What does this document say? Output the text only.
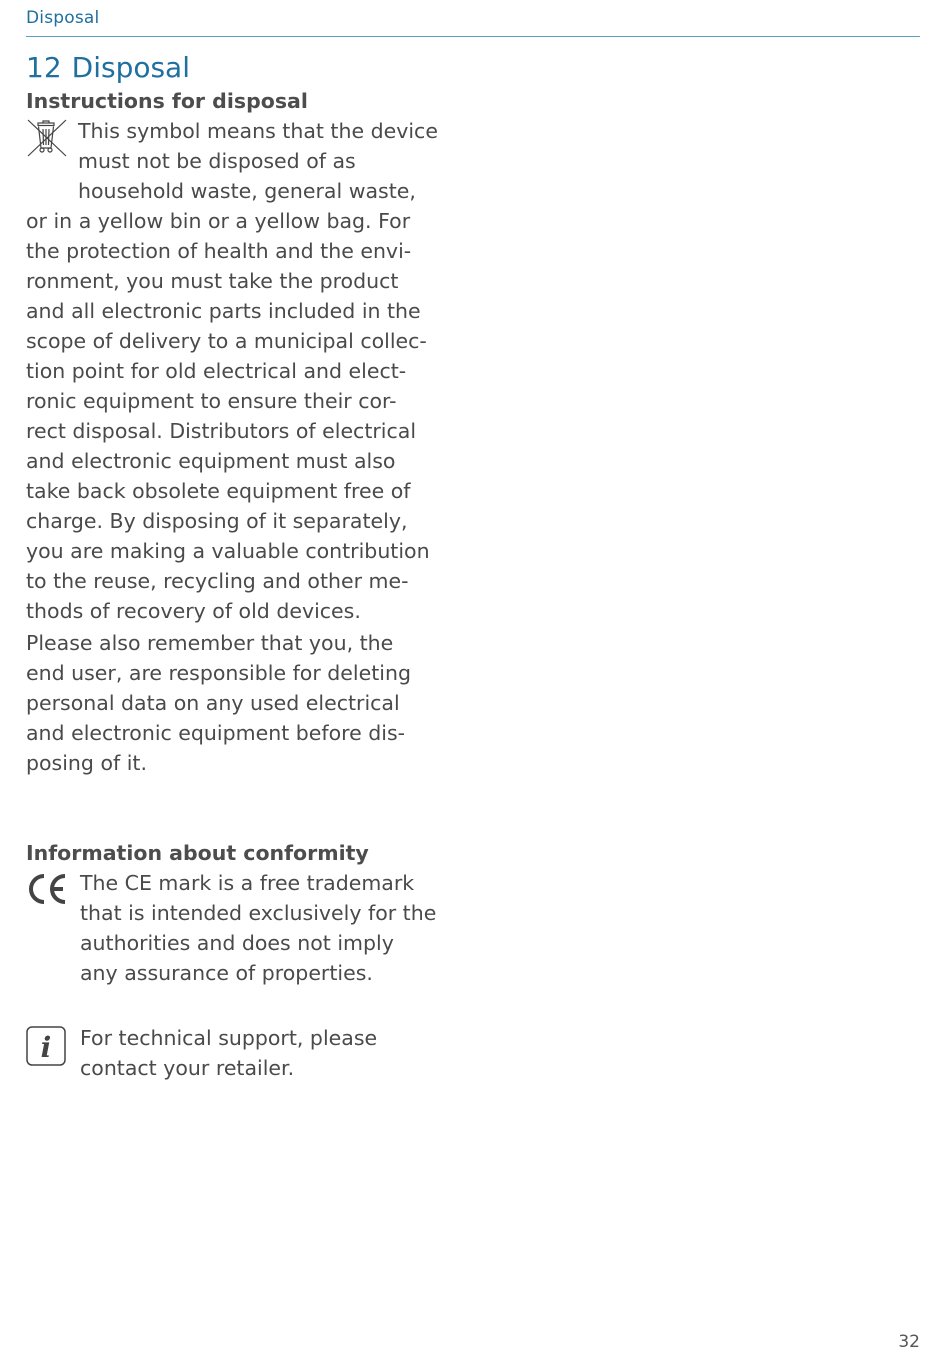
Disposal
12 Disposal
Instructions for disposal
This symbol means that the device
must not be disposed of as
household waste, general waste,
or in a yellow bin or a yellow bag. For
the protection of health and the envi-
ronment, you must take the product
and all electronic parts included in the
scope of delivery to a municipal collec-
tion point for old electrical and elect-
ronic equipment to ensure their cor-
rect disposal. Distributors of electrical
and electronic equipment must also
take back obsolete equipment free of
charge. By disposing of it separately,
you are making a valuable contribution
to the reuse, recycling and other me-
thods of recovery of old devices.
Please also remember that you, the
end user, are responsible for deleting
personal data on any used electrical
and electronic equipment before dis-
posing of it.
Information about conformity
The CE mark is a free trademark
that is intended exclusively for the
authorities and does not imply
any assurance of properties.
i	For technical support, please
contact your retailer.
32
